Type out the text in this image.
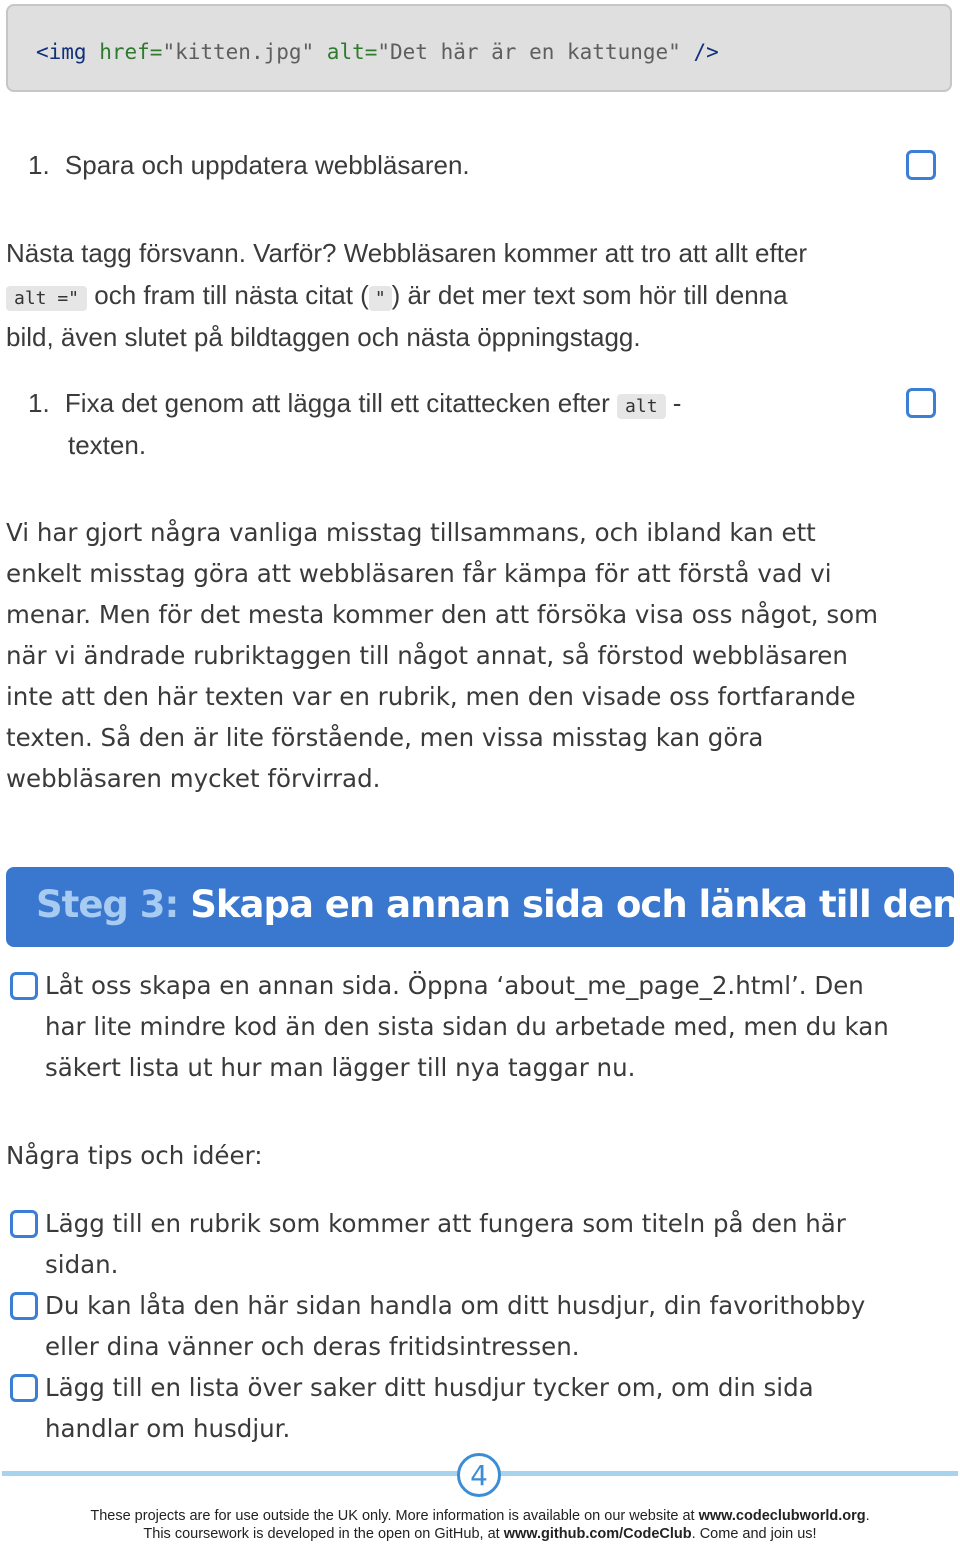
<img href="kitten.jpg" alt="Det här är en kattunge" />
1. Spara och uppdatera webbläsaren.
Nästa tagg försvann. Varför? Webbläsaren kommer att tro att allt efter
alt =" och fram till nästa citat ( " ) är det mer text som hör till denna
bild, även slutet på bildtaggen och nästa öppningstagg.
1. Fixa det genom att lägga till ett citattecken efter alt -
texten.
Vi har gjort några vanliga misstag tillsammans, och ibland kan ett
enkelt misstag göra att webbläsaren får kämpa för att förstå vad vi
menar. Men för det mesta kommer den att försöka visa oss något, som
när vi ändrade rubriktaggen till något annat, så förstod webbläsaren
inte att den här texten var en rubrik, men den visade oss fortfarande
texten. Så den är lite förstående, men vissa misstag kan göra
webbläsaren mycket förvirrad.
Steg 3: Skapa en annan sida och länka till den
Låt oss skapa en annan sida. Öppna ‘about_me_page_2.html’. Den
har lite mindre kod än den sista sidan du arbetade med, men du kan
säkert lista ut hur man lägger till nya taggar nu.
Några tips och idéer:
Lägg till en rubrik som kommer att fungera som titeln på den här
sidan.
Du kan låta den här sidan handla om ditt husdjur, din favorithobby
eller dina vänner och deras fritidsintressen.
Lägg till en lista över saker ditt husdjur tycker om, om din sida
handlar om husdjur.
4
These projects are for use outside the UK only. More information is available on our website at www.codeclubworld.org.
This coursework is developed in the open on GitHub, at www.github.com/CodeClub. Come and join us!
